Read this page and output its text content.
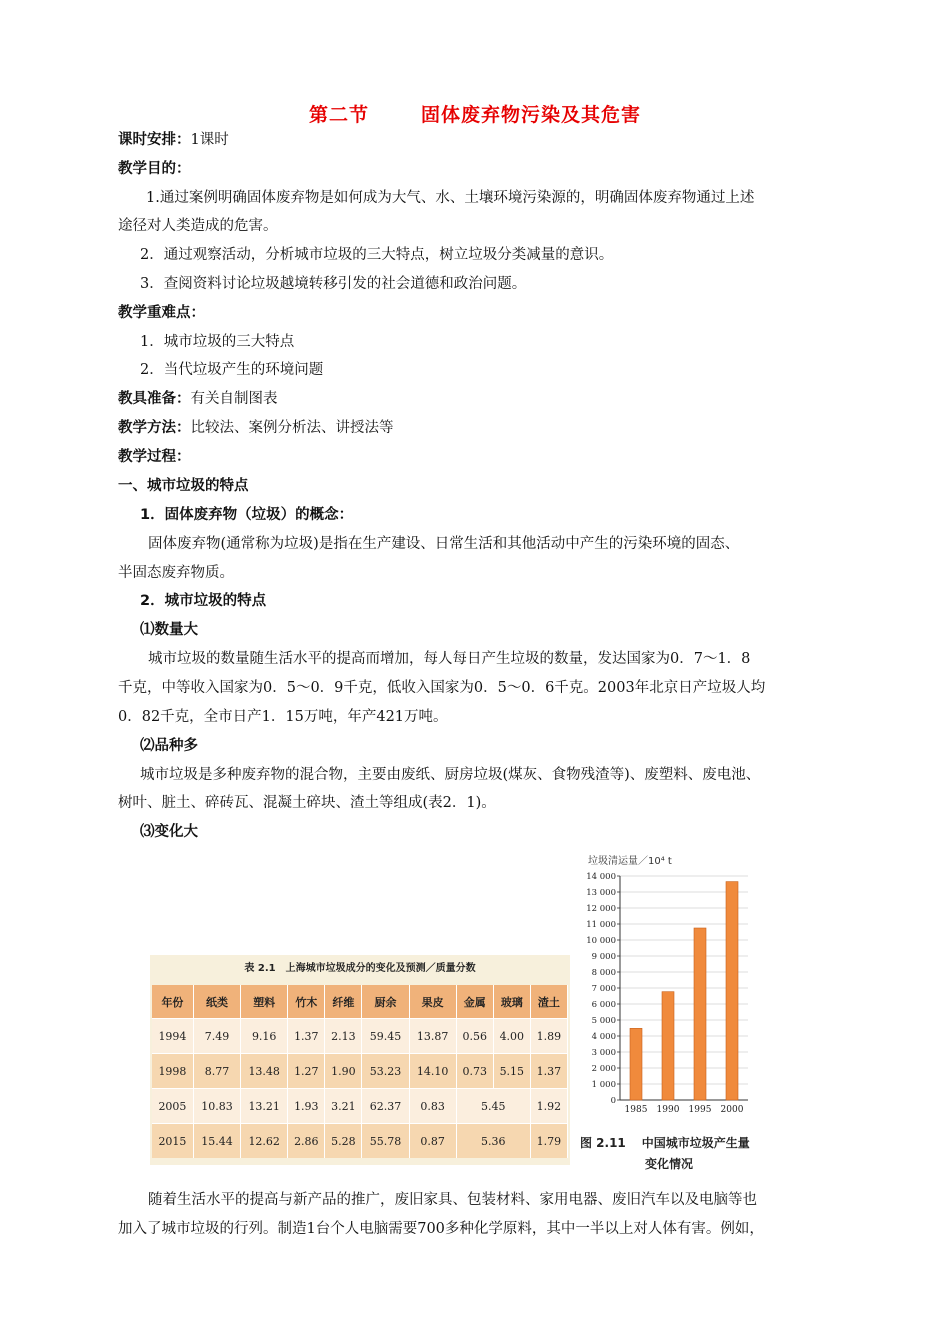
第二节	固体废弃物污染及其危害
课时安排：1课时
教学目的：
1.通过案例明确固体废弃物是如何成为大气、水、土壤环境污染源的，明确固体废弃物通过上述
途径对人类造成的危害。
2．通过观察活动，分析城市垃圾的三大特点，树立垃圾分类减量的意识。
3．查阅资料讨论垃圾越境转移引发的社会道德和政治问题。
教学重难点：
1．城市垃圾的三大特点
2．当代垃圾产生的环境问题
教具准备：有关自制图表
教学方法：比较法、案例分析法、讲授法等
教学过程：
一、城市垃圾的特点
1．固体废弃物（垃圾）的概念：
固体废弃物(通常称为垃圾)是指在生产建设、日常生活和其他活动中产生的污染环境的固态、
半固态废弃物质。
2．城市垃圾的特点
⑴数量大
城市垃圾的数量随生活水平的提高而增加，每人每日产生垃圾的数量，发达国家为0．7～1．8
千克，中等收入国家为0．5～0．9千克，低收入国家为0．5～0．6千克。2003年北京日产垃圾人均
0．82千克，全市日产1．15万吨，年产421万吨。
⑵品种多
城市垃圾是多种废弃物的混合物，主要由废纸、厨房垃圾(煤灰、食物残渣等)、废塑料、废电池、
树叶、脏土、碎砖瓦、混凝土碎块、渣土等组成(表2．1)。
⑶变化大
表 2.1　上海城市垃圾成分的变化及预测／质量分数
年份	纸类	塑料	竹木	纤维	厨余	果皮	金属	玻璃	渣土
1994	7.49	9.16	1.37	2.13	59.45	13.87	0.56	4.00	1.89
1998	8.77	13.48	1.27	1.90	53.23	14.10	0.73	5.15	1.37
2005	10.83	13.21	1.93	3.21	62.37	0.83	5.45		1.92
2015	15.44	12.62	2.86	5.28	55.78	0.87	5.36		1.79
垃圾清运量／10⁴ t
0
1 000
2 000
3 000
4 000
5 000
6 000
7 000
8 000
9 000
10 000
11 000
12 000
13 000
14 000
1985 1990 1995 2000
图 2.11 中国城市垃圾产生量
变化情况
随着生活水平的提高与新产品的推广，废旧家具、包装材料、家用电器、废旧汽车以及电脑等也
加入了城市垃圾的行列。制造1台个人电脑需要700多种化学原料，其中一半以上对人体有害。例如，
